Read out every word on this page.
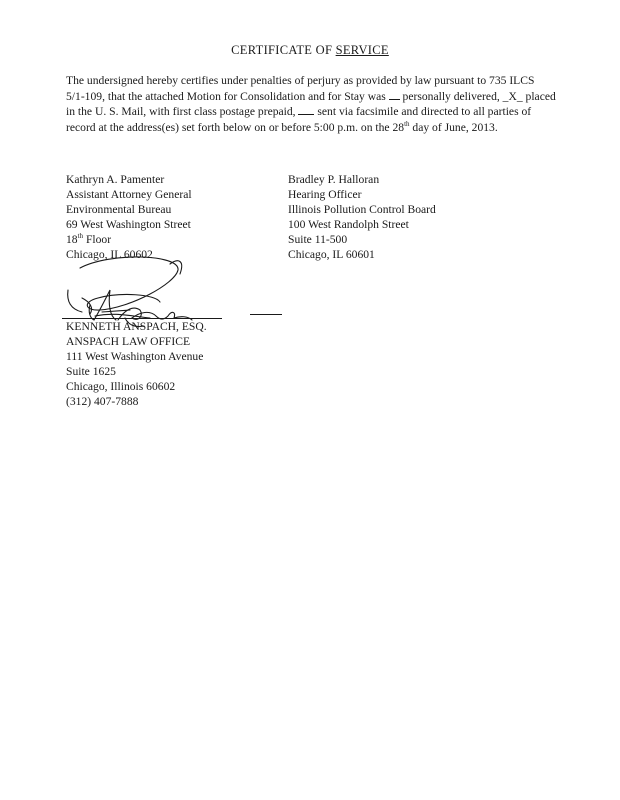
CERTIFICATE OF SERVICE

The undersigned hereby certifies under penalties of perjury as provided by law pursuant to 735 ILCS 5/1-109, that the attached Motion for Consolidation and for Stay was  personally delivered, _X_ placed in the U. S. Mail, with first class postage prepaid,  sent via facsimile and directed to all parties of record at the address(es) set forth below on or before 5:00 p.m. on the 28th day of June, 2013.

Kathryn A. Pamenter
Assistant Attorney General
Environmental Bureau
69 West Washington Street
18th Floor
Chicago, IL 60602
Bradley P. Halloran
Hearing Officer
Illinois Pollution Control Board
100 West Randolph Street
Suite 11-500
Chicago, IL 60601
KENNETH ANSPACH, ESQ.
ANSPACH LAW OFFICE
111 West Washington Avenue
Suite 1625
Chicago, Illinois 60602
(312) 407-7888
